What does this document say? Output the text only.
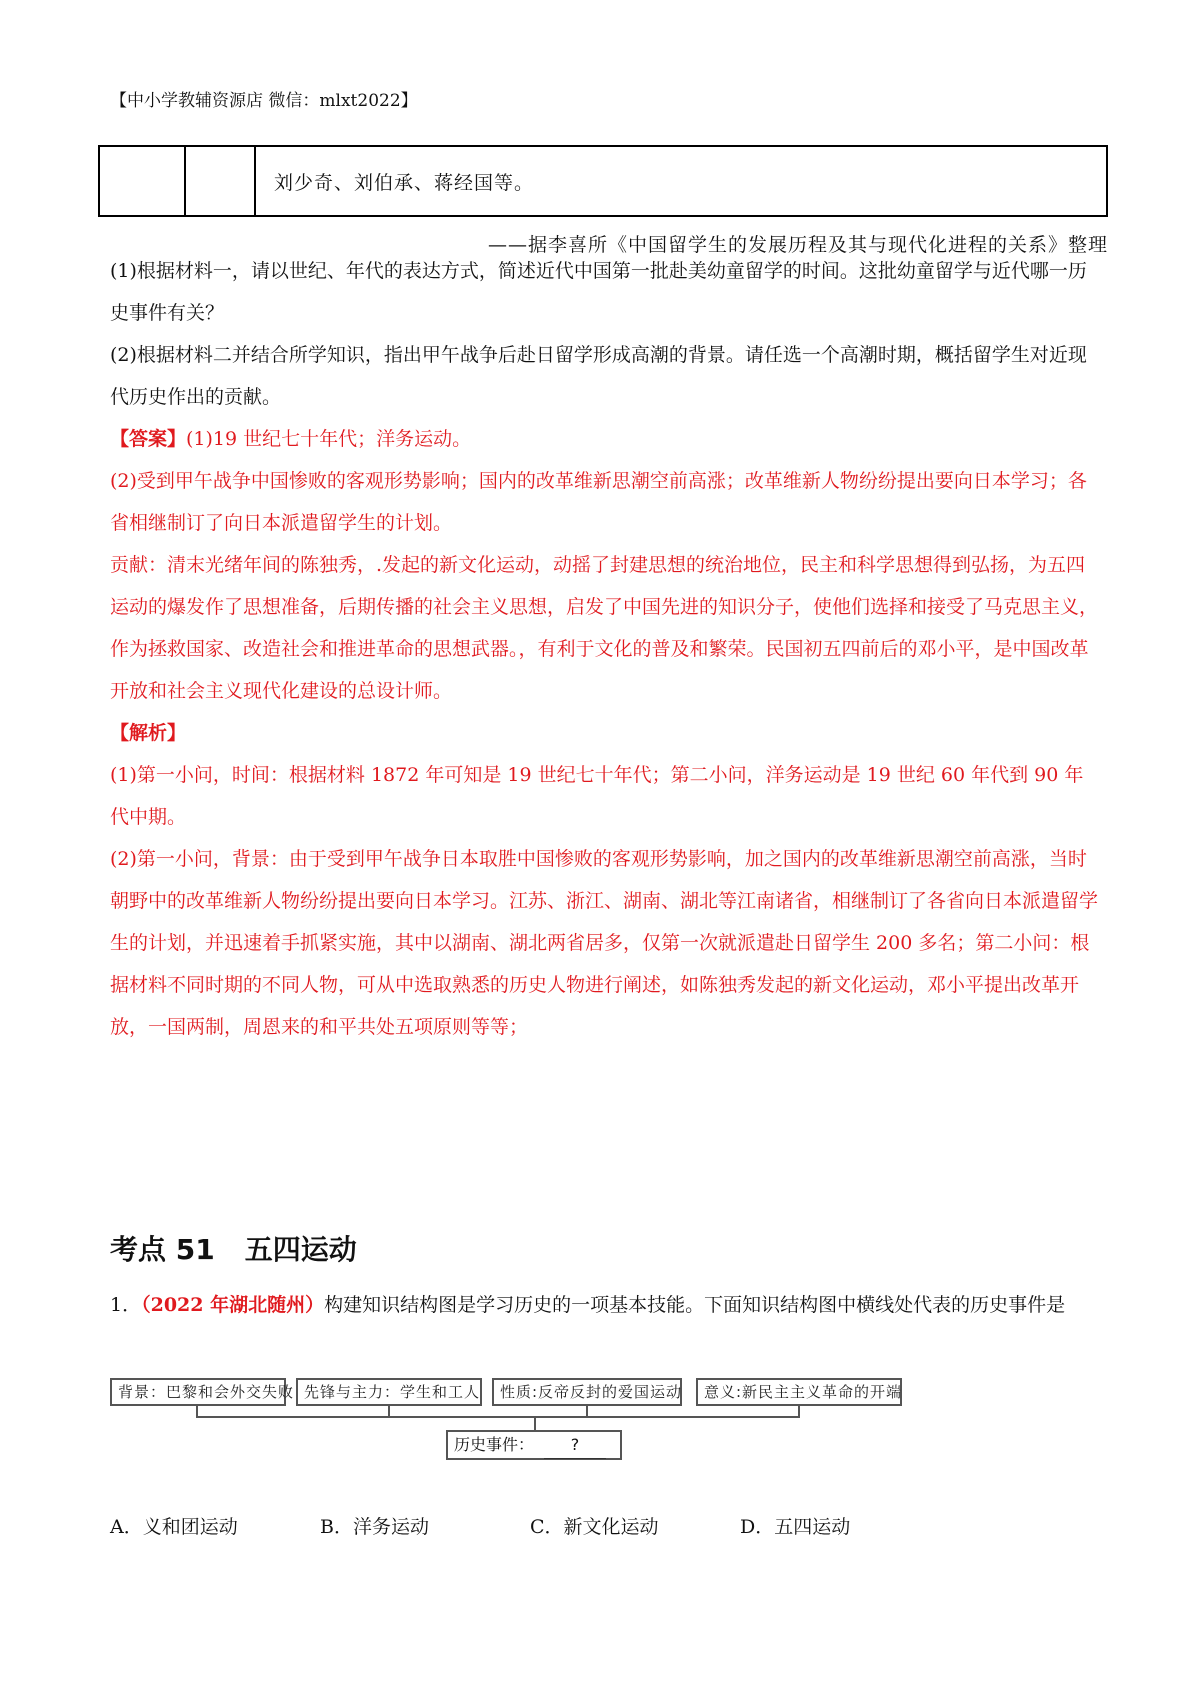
【中小学教辅资源店 微信：mlxt2022】
		刘少奇、刘伯承、蒋经国等。
——据李喜所《中国留学生的发展历程及其与现代化进程的关系》整理
(1)根据材料一，请以世纪、年代的表达方式，简述近代中国第一批赴美幼童留学的时间。这批幼童留学与近代哪一历史事件有关？
(2)根据材料二并结合所学知识，指出甲午战争后赴日留学形成高潮的背景。请任选一个高潮时期，概括留学生对近现代历史作出的贡献。
【答案】(1)19 世纪七十年代；洋务运动。
(2)受到甲午战争中国惨败的客观形势影响；国内的改革维新思潮空前高涨；改革维新人物纷纷提出要向日本学习；各省相继制订了向日本派遣留学生的计划。
贡献：清末光绪年间的陈独秀，.发起的新文化运动，动摇了封建思想的统治地位，民主和科学思想得到弘扬，为五四运动的爆发作了思想准备，后期传播的社会主义思想，启发了中国先进的知识分子，使他们选择和接受了马克思主义，作为拯救国家、改造社会和推进革命的思想武器。，有利于文化的普及和繁荣。民国初五四前后的邓小平，是中国改革开放和社会主义现代化建设的总设计师。
【解析】
(1)第一小问，时间：根据材料 1872 年可知是 19 世纪七十年代；第二小问，洋务运动是 19 世纪 60 年代到 90 年代中期。
(2)第一小问，背景：由于受到甲午战争日本取胜中国惨败的客观形势影响，加之国内的改革维新思潮空前高涨，当时朝野中的改革维新人物纷纷提出要向日本学习。江苏、浙江、湖南、湖北等江南诸省，相继制订了各省向日本派遣留学生的计划，并迅速着手抓紧实施，其中以湖南、湖北两省居多，仅第一次就派遣赴日留学生 200 多名；第二小问：根据材料不同时期的不同人物，可从中选取熟悉的历史人物进行阐述，如陈独秀发起的新文化运动，邓小平提出改革开放，一国两制，周恩来的和平共处五项原则等等；
考点 51 五四运动
1．（2022 年湖北随州）构建知识结构图是学习历史的一项基本技能。下面知识结构图中横线处代表的历史事件是
背景：巴黎和会外交失败 先锋与主力：学生和工人	性质:反帝反封的爱国运动	意义:新民主主义革命的开端
历史事件： ?
A．义和团运动	B．洋务运动	C．新文化运动	D．五四运动
